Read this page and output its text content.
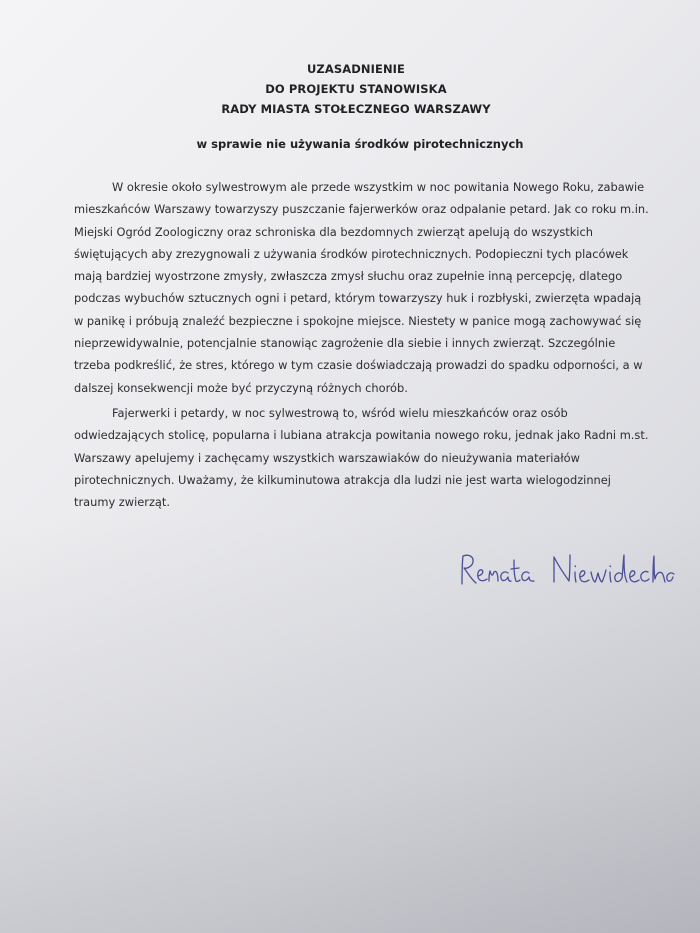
UZASADNIENIE
DO PROJEKTU STANOWISKA
RADY MIASTA STOŁECZNEGO WARSZAWY
w sprawie nie używania środków pirotechnicznych

W okresie około sylwestrowym ale przede wszystkim w noc powitania Nowego Roku, zabawie mieszkańców Warszawy towarzyszy puszczanie fajerwerków oraz odpalanie petard. Jak co roku m.in. Miejski Ogród Zoologiczny oraz schroniska dla bezdomnych zwierząt apelują do wszystkich świętujących aby zrezygnowali z używania środków pirotechnicznych. Podopieczni tych placówek mają bardziej wyostrzone zmysły, zwłaszcza zmysł słuchu oraz zupełnie inną percepcję, dlatego podczas wybuchów sztucznych ogni i petard, którym towarzyszy huk i rozbłyski, zwierzęta wpadają w panikę i próbują znaleźć bezpieczne i spokojne miejsce. Niestety w panice mogą zachowywać się nieprzewidywalnie, potencjalnie stanowiąc zagrożenie dla siebie i innych zwierząt. Szczególnie trzeba podkreślić, że stres, którego w tym czasie doświadczają prowadzi do spadku odporności, a w dalszej konsekwencji może być przyczyną różnych chorób.

Fajerwerki i petardy, w noc sylwestrową to, wśród wielu mieszkańców oraz osób odwiedzających stolicę, popularna i lubiana atrakcja powitania nowego roku, jednak jako Radni m.st. Warszawy apelujemy i zachęcamy wszystkich warszawiaków do nieużywania materiałów pirotechnicznych. Uważamy, że kilkuminutowa atrakcja dla ludzi nie jest warta wielogodzinnej traumy zwierząt.
